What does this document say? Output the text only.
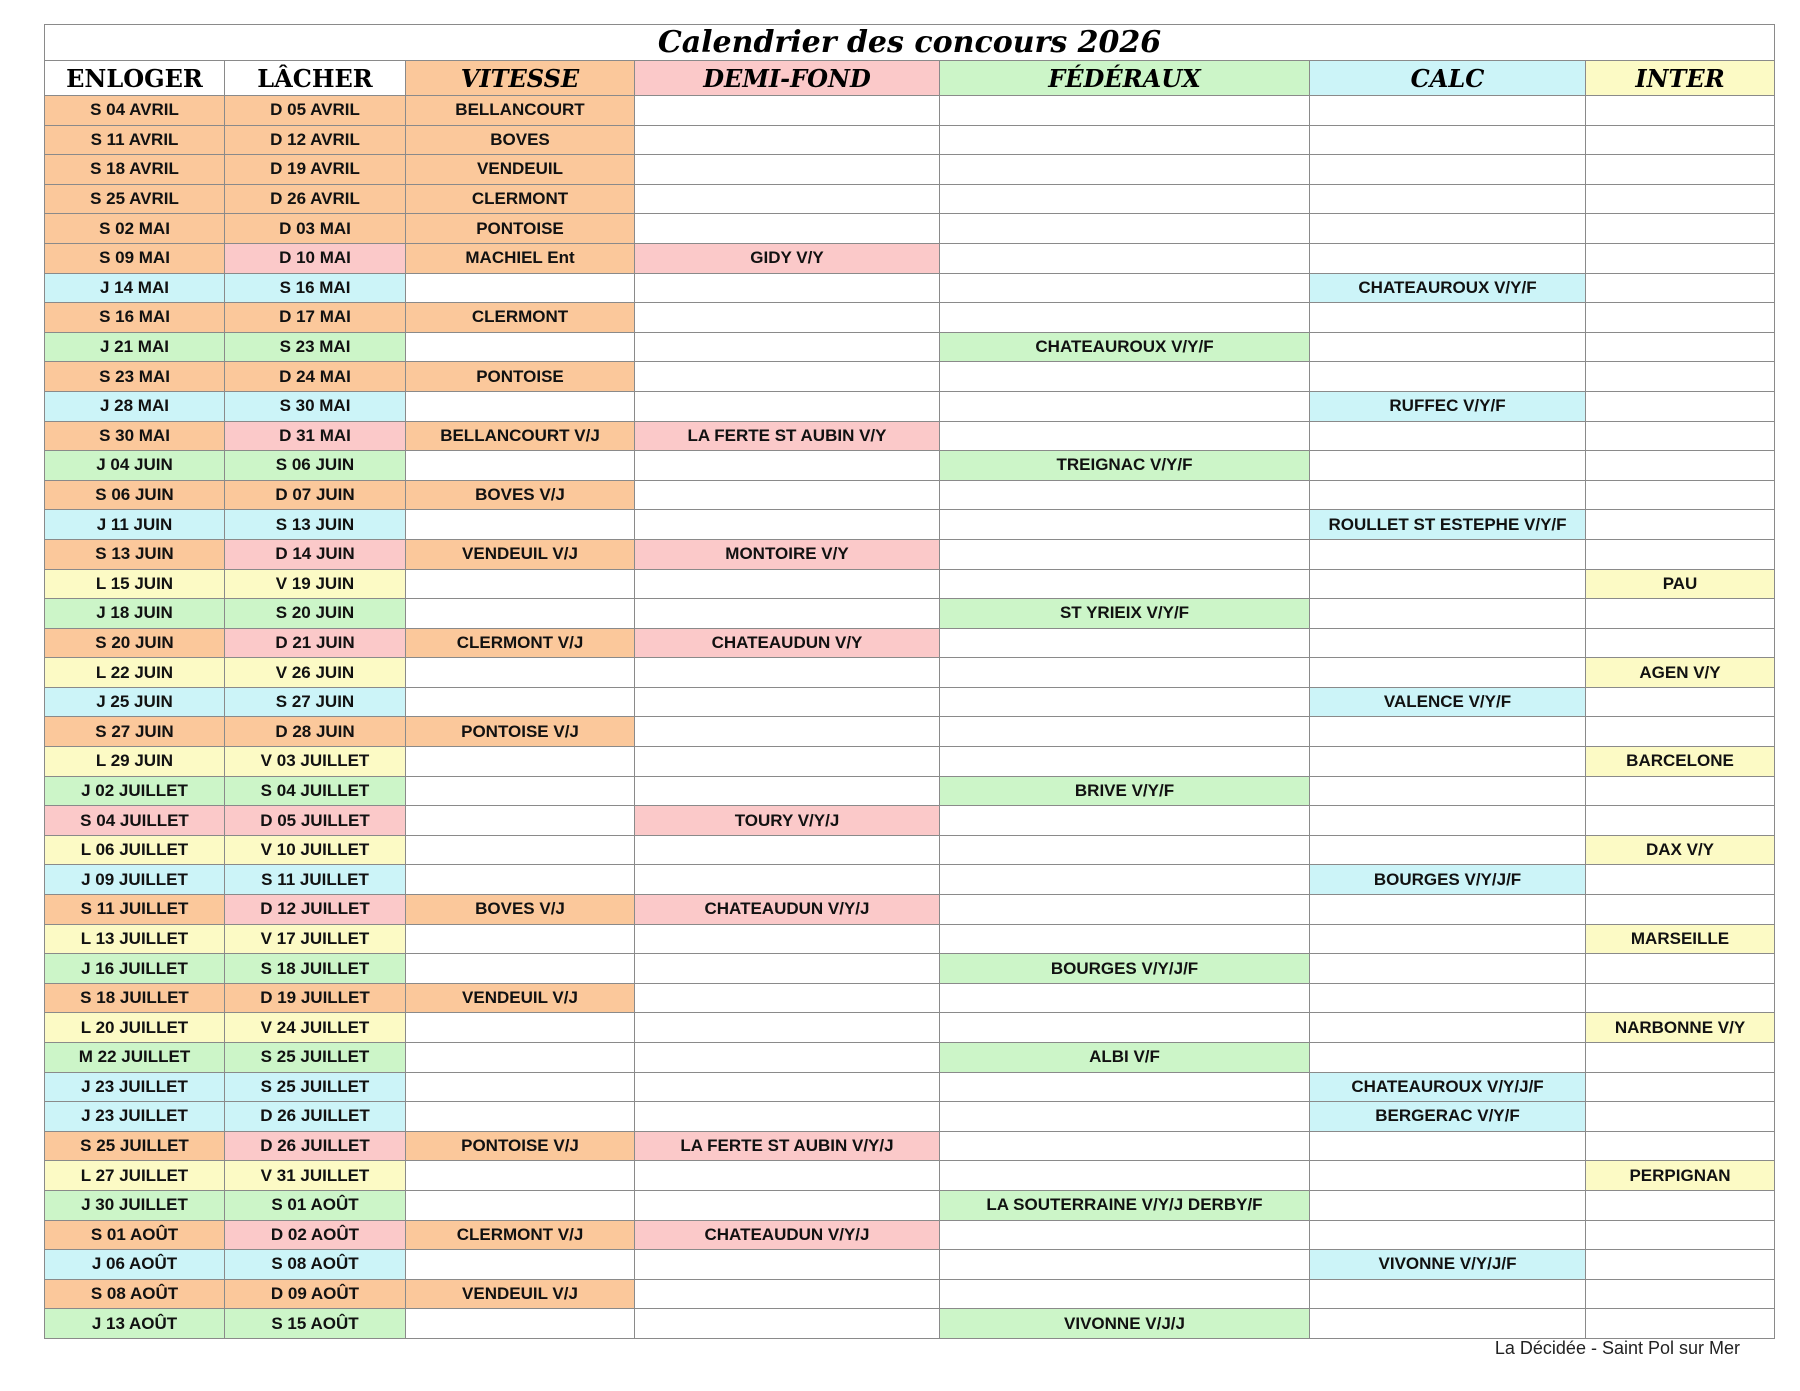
Calendrier des concours 2026						
ENLOGER	LÂCHER	VITESSE	DEMI-FOND	FÉDÉRAUX	CALC	INTER
S 04 AVRIL	D 05 AVRIL	BELLANCOURT				
S 11 AVRIL	D 12 AVRIL	BOVES				
S 18 AVRIL	D 19 AVRIL	VENDEUIL				
S 25 AVRIL	D 26 AVRIL	CLERMONT				
S 02 MAI	D 03 MAI	PONTOISE				
S 09 MAI	D 10 MAI	MACHIEL Ent	GIDY V/Y			
J 14 MAI	S 16 MAI				CHATEAUROUX V/Y/F	
S 16 MAI	D 17 MAI	CLERMONT				
J 21 MAI	S 23 MAI			CHATEAUROUX V/Y/F		
S 23 MAI	D 24 MAI	PONTOISE				
J 28 MAI	S 30 MAI				RUFFEC V/Y/F	
S 30 MAI	D 31 MAI	BELLANCOURT V/J	LA FERTE ST AUBIN V/Y			
J 04 JUIN	S 06 JUIN			TREIGNAC V/Y/F		
S 06 JUIN	D 07 JUIN	BOVES V/J				
J 11 JUIN	S 13 JUIN				ROULLET ST ESTEPHE V/Y/F	
S 13 JUIN	D 14 JUIN	VENDEUIL V/J	MONTOIRE V/Y			
L 15 JUIN	V 19 JUIN					PAU
J 18 JUIN	S 20 JUIN			ST YRIEIX V/Y/F		
S 20 JUIN	D 21 JUIN	CLERMONT V/J	CHATEAUDUN V/Y			
L 22 JUIN	V 26 JUIN					AGEN V/Y
J 25 JUIN	S 27 JUIN				VALENCE V/Y/F	
S 27 JUIN	D 28 JUIN	PONTOISE V/J				
L 29 JUIN	V 03 JUILLET					BARCELONE
J 02 JUILLET	S 04 JUILLET			BRIVE V/Y/F		
S 04 JUILLET	D 05 JUILLET		TOURY V/Y/J			
L 06 JUILLET	V 10 JUILLET					DAX V/Y
J 09 JUILLET	S 11 JUILLET				BOURGES V/Y/J/F	
S 11 JUILLET	D 12 JUILLET	BOVES V/J	CHATEAUDUN V/Y/J			
L 13 JUILLET	V 17 JUILLET					MARSEILLE
J 16 JUILLET	S 18 JUILLET			BOURGES V/Y/J/F		
S 18 JUILLET	D 19 JUILLET	VENDEUIL V/J				
L 20 JUILLET	V 24 JUILLET					NARBONNE V/Y
M 22 JUILLET	S 25 JUILLET			ALBI V/F		
J 23 JUILLET	S 25 JUILLET				CHATEAUROUX V/Y/J/F	
J 23 JUILLET	D 26 JUILLET				BERGERAC V/Y/F	
S 25 JUILLET	D 26 JUILLET	PONTOISE V/J	LA FERTE ST AUBIN V/Y/J			
L 27 JUILLET	V 31 JUILLET					PERPIGNAN
J 30 JUILLET	S 01 AOÛT			LA SOUTERRAINE V/Y/J DERBY/F		
S 01 AOÛT	D 02 AOÛT	CLERMONT V/J	CHATEAUDUN V/Y/J			
J 06 AOÛT	S 08 AOÛT				VIVONNE V/Y/J/F	
S 08 AOÛT	D 09 AOÛT	VENDEUIL V/J				
J 13 AOÛT	S 15 AOÛT			VIVONNE V/J/J		
La Décidée - Saint Pol sur Mer
